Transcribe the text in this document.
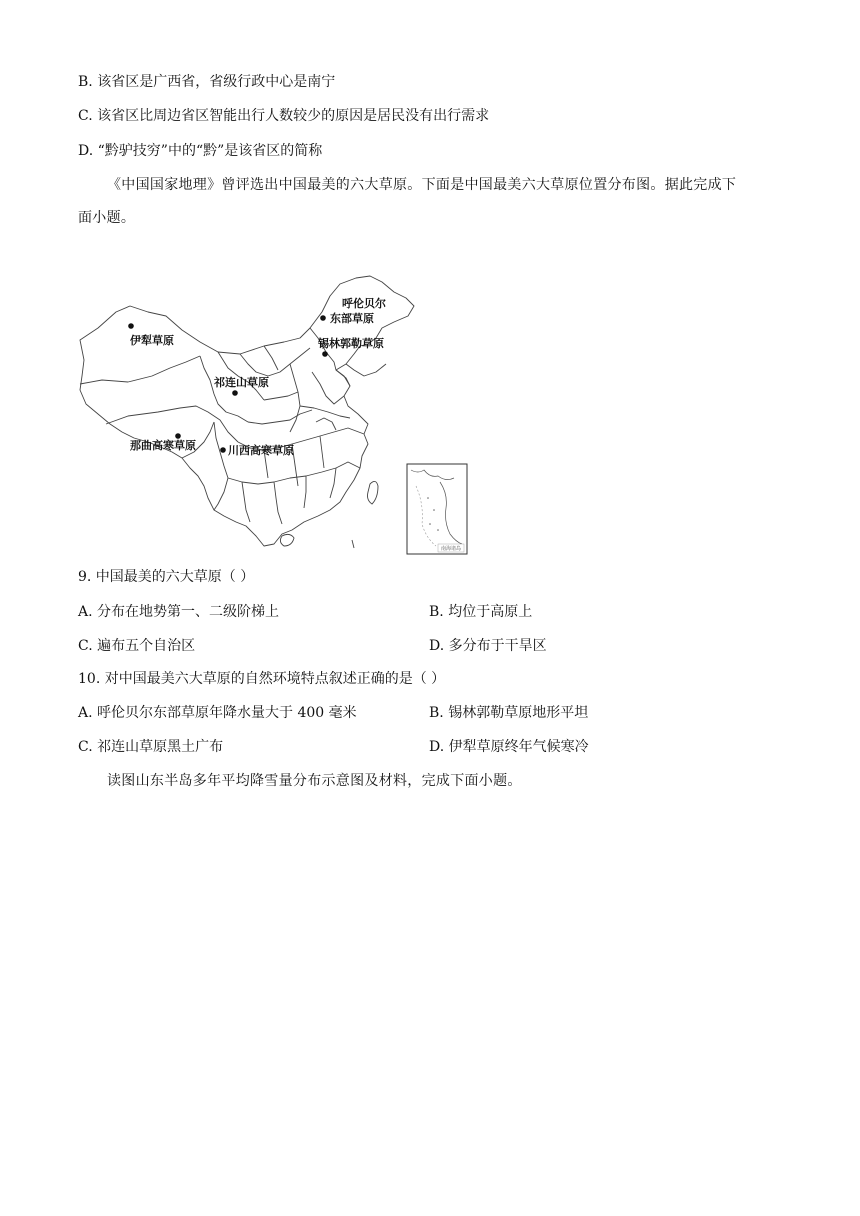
B. 该省区是广西省，省级行政中心是南宁
C. 该省区比周边省区智能出行人数较少的原因是居民没有出行需求
D. “黔驴技穷”中的“黔”是该省区的简称
《中国国家地理》曾评选出中国最美的六大草原。下面是中国最美六大草原位置分布图。据此完成下
面小题。
呼伦贝尔
东部草原
锡林郭勒草原
伊犁草原
祁连山草原
那曲高寒草原	川西高寒草原
南海诸岛
9. 中国最美的六大草原（ ）
A. 分布在地势第一、二级阶梯上	B. 均位于高原上
C. 遍布五个自治区	D. 多分布于干旱区
10. 对中国最美六大草原的自然环境特点叙述正确的是（ ）
A. 呼伦贝尔东部草原年降水量大于 400 毫米	B. 锡林郭勒草原地形平坦
C. 祁连山草原黑土广布	D. 伊犁草原终年气候寒冷
读图山东半岛多年平均降雪量分布示意图及材料，完成下面小题。
